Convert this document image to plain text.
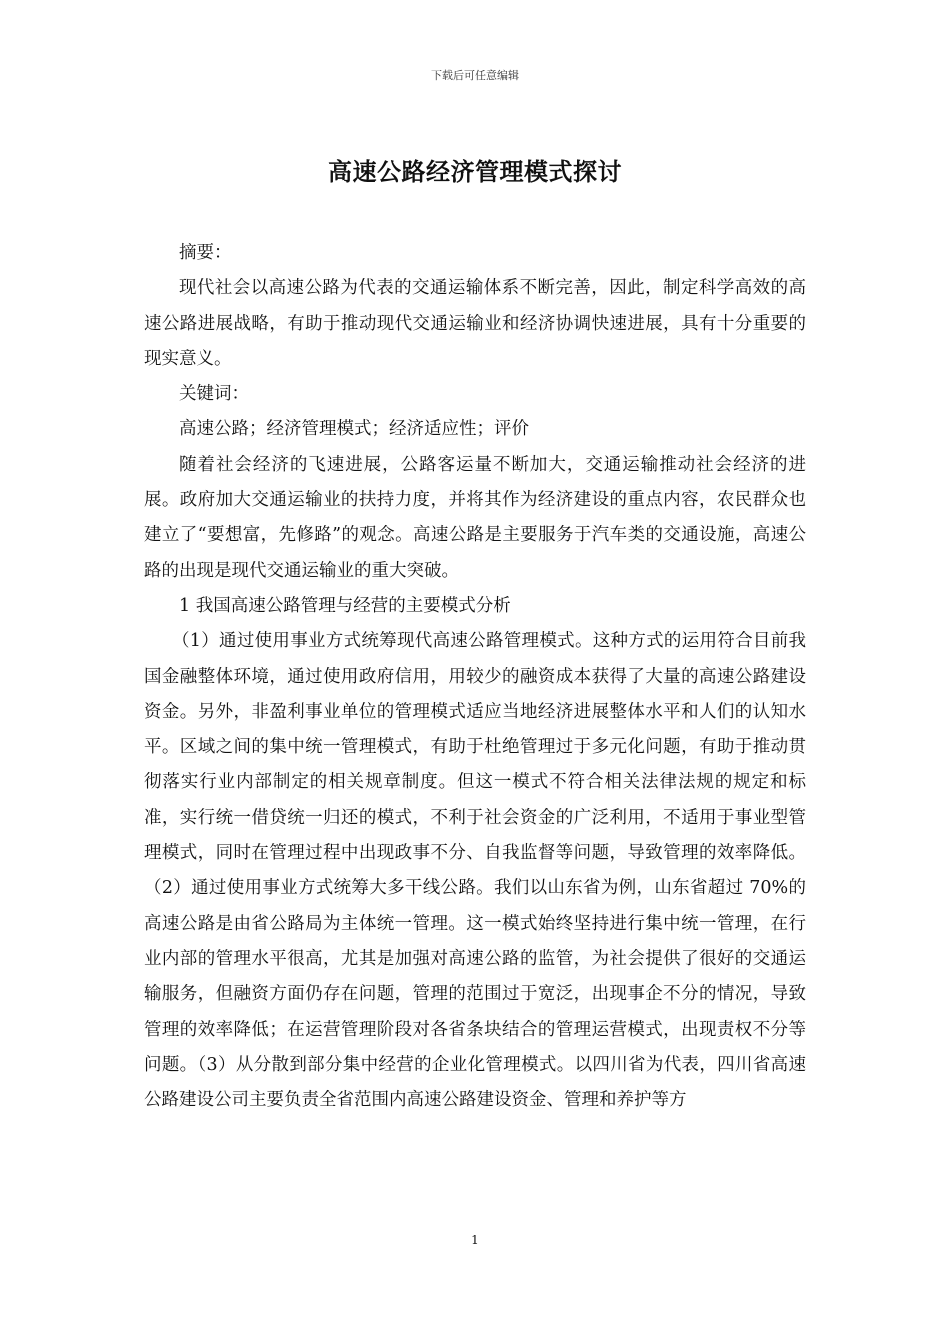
下载后可任意编辑
高速公路经济管理模式探讨

摘要：

现代社会以高速公路为代表的交通运输体系不断完善，因此，制定科学高效的高速公路进展战略，有助于推动现代交通运输业和经济协调快速进展，具有十分重要的现实意义。

关键词：

高速公路；经济管理模式；经济适应性；评价

随着社会经济的飞速进展，公路客运量不断加大，交通运输推动社会经济的进展。政府加大交通运输业的扶持力度，并将其作为经济建设的重点内容，农民群众也建立了“要想富，先修路”的观念。高速公路是主要服务于汽车类的交通设施，高速公路的出现是现代交通运输业的重大突破。

1 我国高速公路管理与经营的主要模式分析

（1）通过使用事业方式统筹现代高速公路管理模式。这种方式的运用符合目前我国金融整体环境，通过使用政府信用，用较少的融资成本获得了大量的高速公路建设资金。另外，非盈利事业单位的管理模式适应当地经济进展整体水平和人们的认知水平。区域之间的集中统一管理模式，有助于杜绝管理过于多元化问题，有助于推动贯彻落实行业内部制定的相关规章制度。但这一模式不符合相关法律法规的规定和标准，实行统一借贷统一归还的模式，不利于社会资金的广泛利用，不适用于事业型管理模式，同时在管理过程中出现政事不分、自我监督等问题，导致管理的效率降低。（2）通过使用事业方式统筹大多干线公路。我们以山东省为例，山东省超过 70%的高速公路是由省公路局为主体统一管理。这一模式始终坚持进行集中统一管理，在行业内部的管理水平很高，尤其是加强对高速公路的监管，为社会提供了很好的交通运输服务，但融资方面仍存在问题，管理的范围过于宽泛，出现事企不分的情况，导致管理的效率降低；在运营管理阶段对各省条块结合的管理运营模式，出现责权不分等问题。（3）从分散到部分集中经营的企业化管理模式。以四川省为代表，四川省高速公路建设公司主要负责全省范围内高速公路建设资金、管理和养护等方

1
